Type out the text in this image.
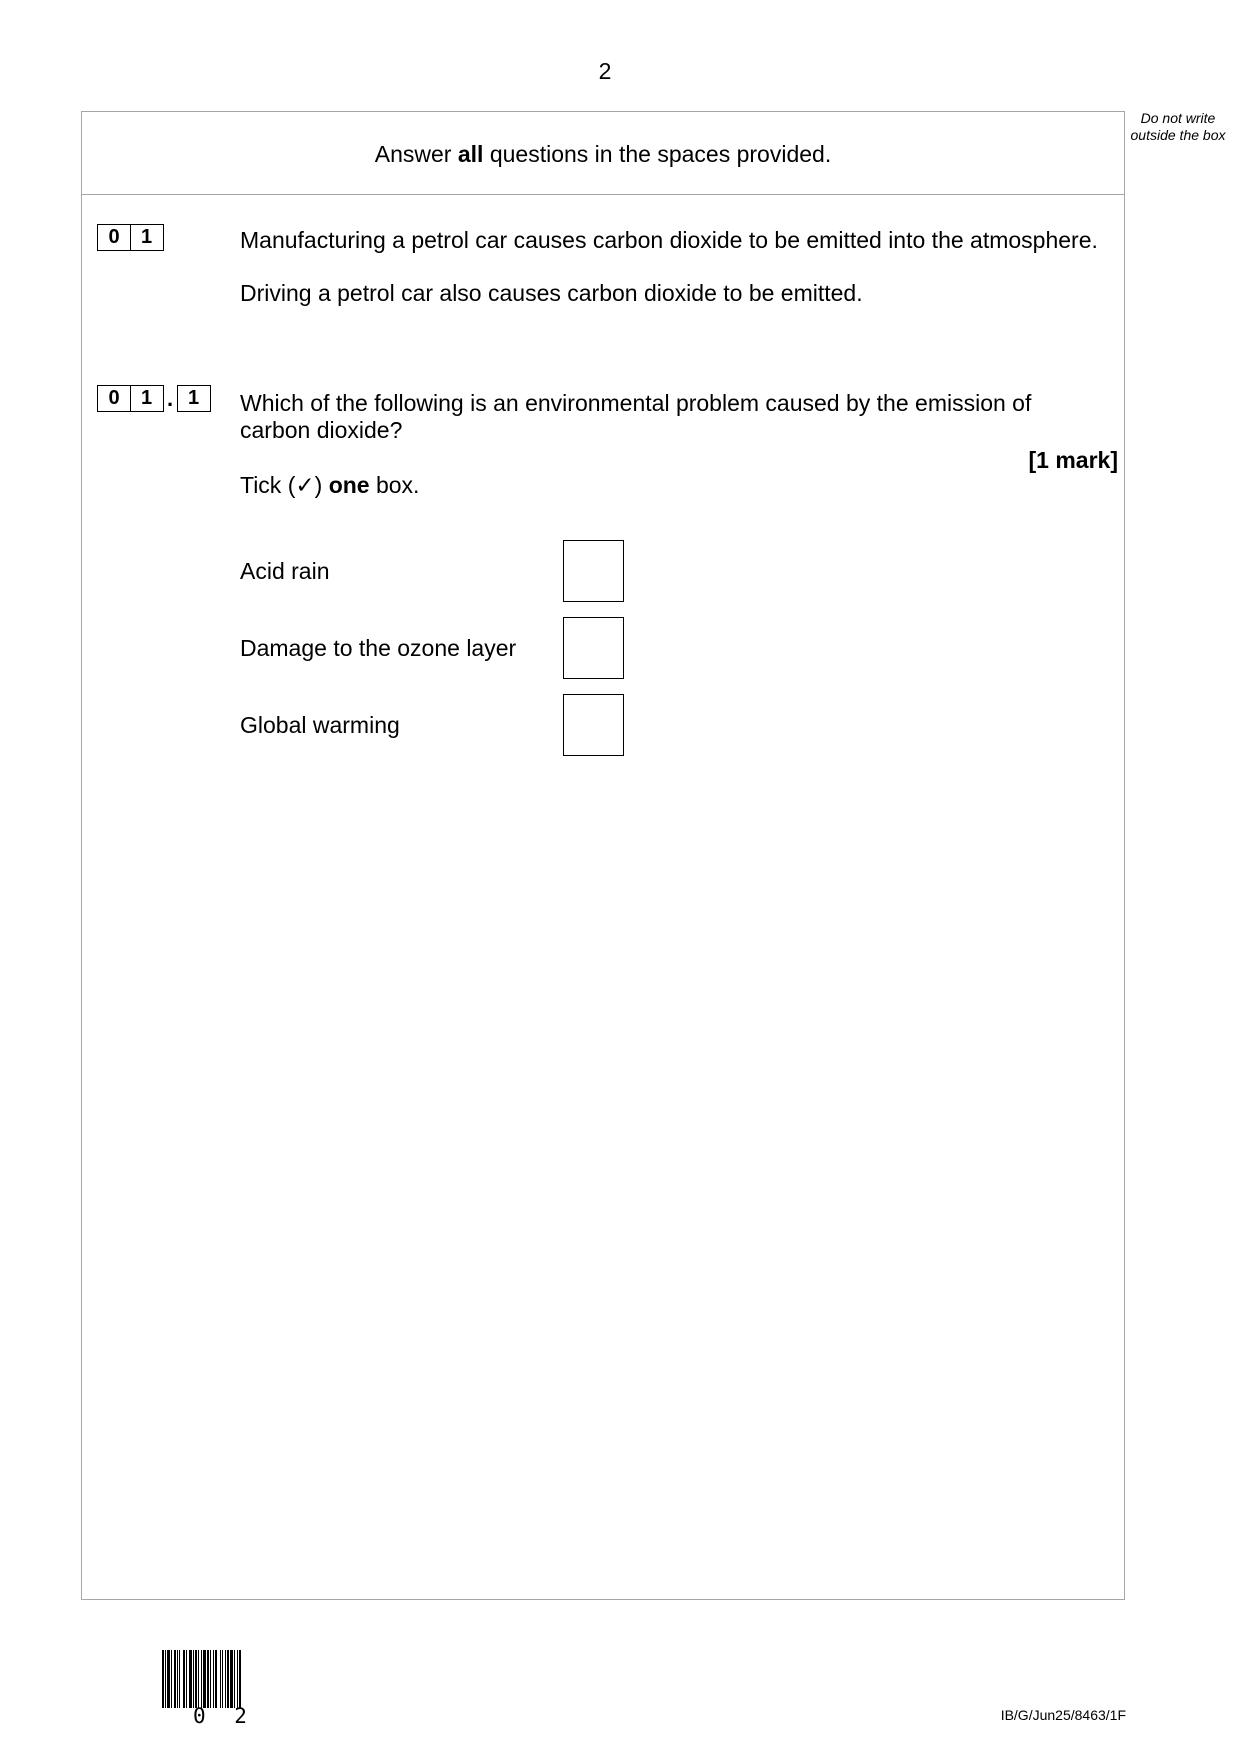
2
Do not write outside the box
Answer all questions in the spaces provided.
0	1	Manufacturing a petrol car causes carbon dioxide to be emitted into the atmosphere.
Driving a petrol car also causes carbon dioxide to be emitted.
0	1 . 1	Which of the following is an environmental problem caused by the emission of
carbon dioxide?
[1 mark]
Tick (✓) one box.
Acid rain
Damage to the ozone layer
Global warming
0 2	IB/G/Jun25/8463/1F
